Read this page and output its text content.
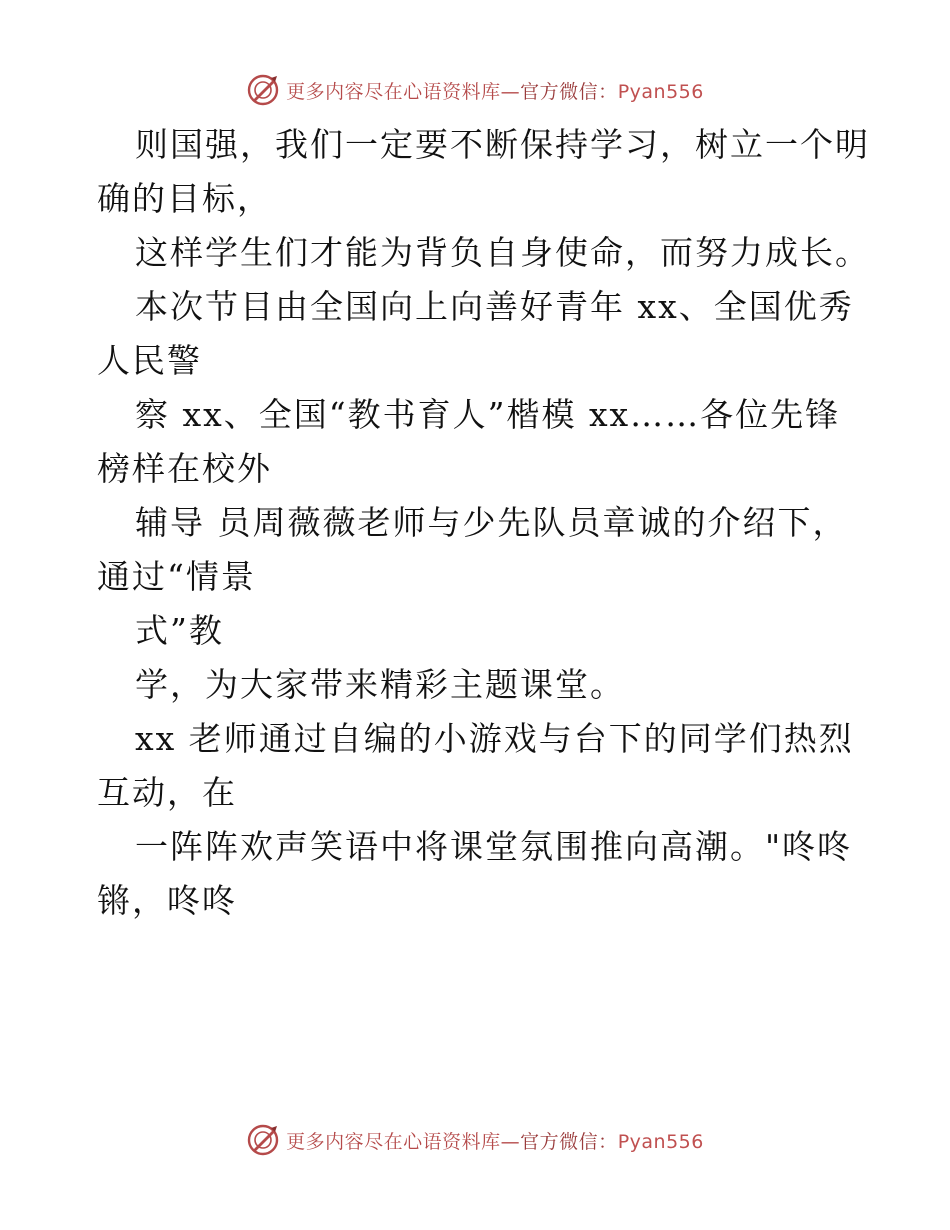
更多内容尽在心语资料库—官方微信：Pyan556

则国强，我们一定要不断保持学习，树立一个明

确的目标，

这样学生们才能为背负自身使命，而努力成长。

本次节目由全国向上向善好青年 xx、全国优秀

人民警

察 xx、全国“教书育人”楷模 xx……各位先锋

榜样在校外

辅导 员周薇薇老师与少先队员章诚的介绍下，

通过“情景

式”教

学，为大家带来精彩主题课堂。

xx 老师通过自编的小游戏与台下的同学们热烈

互动，在

一阵阵欢声笑语中将课堂氛围推向高潮。"咚咚

锵，咚咚

更多内容尽在心语资料库—官方微信：Pyan556
